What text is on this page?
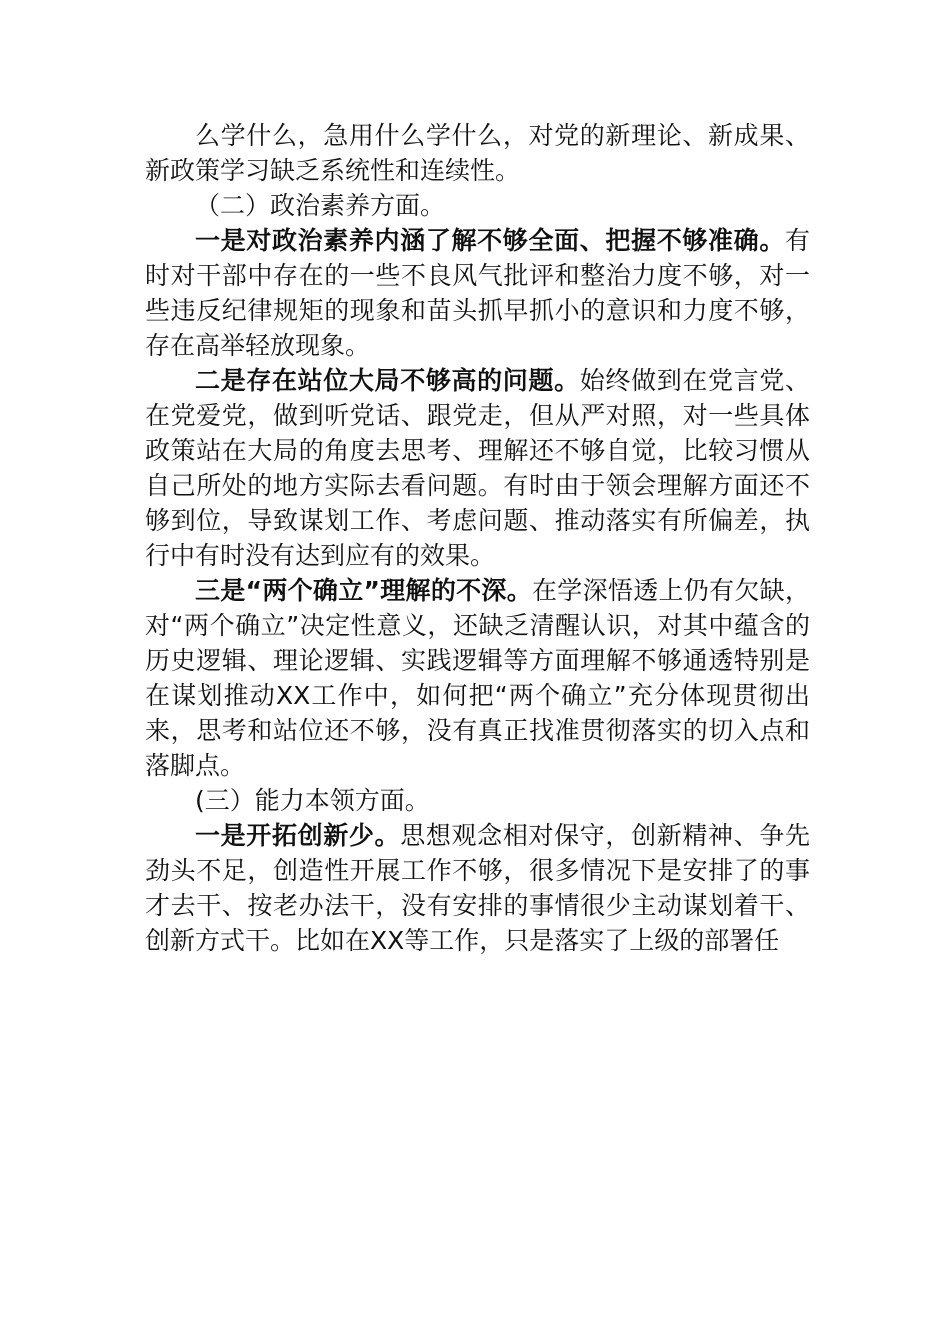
么学什么，急用什么学什么，对党的新理论、新成果、新政策学习缺乏系统性和连续性。

（二）政治素养方面。

一是对政治素养内涵了解不够全面、把握不够准确。有时对干部中存在的一些不良风气批评和整治力度不够，对一些违反纪律规矩的现象和苗头抓早抓小的意识和力度不够，存在高举轻放现象。

二是存在站位大局不够高的问题。始终做到在党言党、在党爱党，做到听党话、跟党走，但从严对照，对一些具体政策站在大局的角度去思考、理解还不够自觉，比较习惯从自己所处的地方实际去看问题。有时由于领会理解方面还不够到位，导致谋划工作、考虑问题、推动落实有所偏差，执行中有时没有达到应有的效果。

三是“两个确立”理解的不深。在学深悟透上仍有欠缺，对“两个确立”决定性意义，还缺乏清醒认识，对其中蕴含的历史逻辑、理论逻辑、实践逻辑等方面理解不够通透特别是在谋划推动XX工作中，如何把“两个确立”充分体现贯彻出来，思考和站位还不够，没有真正找准贯彻落实的切入点和落脚点。

(三）能力本领方面。

一是开拓创新少。思想观念相对保守，创新精神、争先劲头不足，创造性开展工作不够，很多情况下是安排了的事才去干、按老办法干，没有安排的事情很少主动谋划着干、创新方式干。比如在XX等工作，只是落实了上级的部署任
